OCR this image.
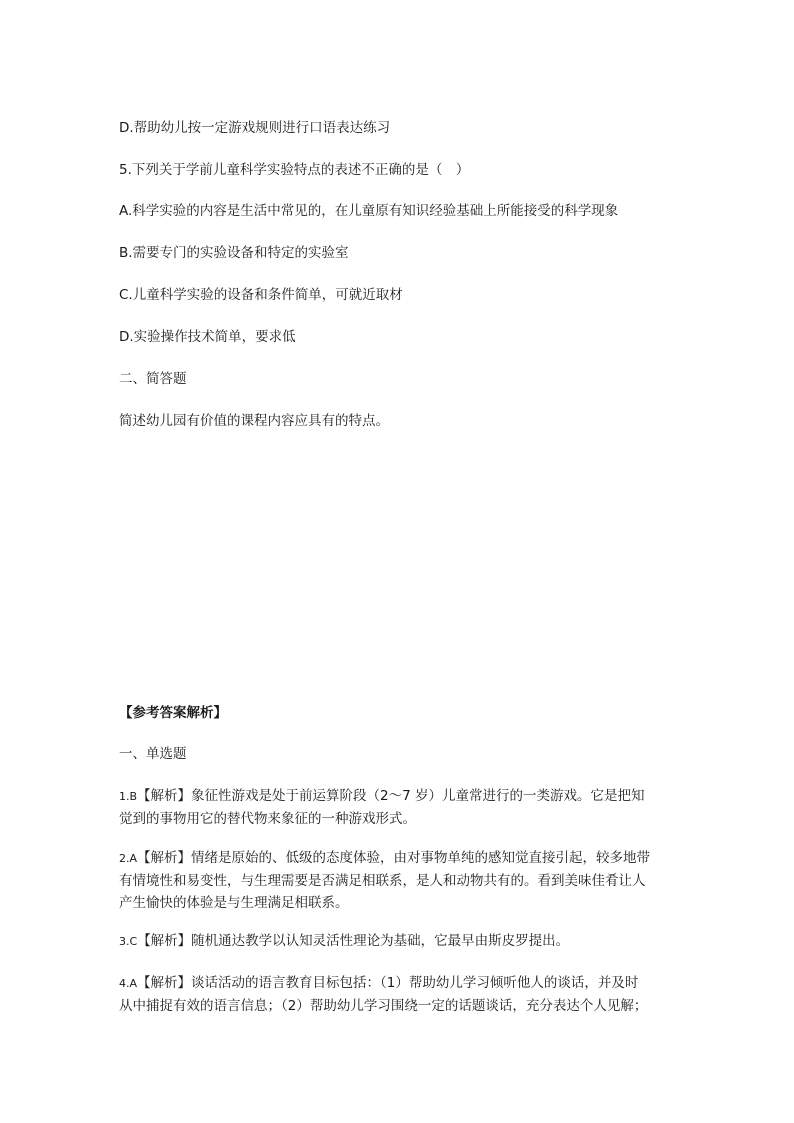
D.帮助幼儿按一定游戏规则进行口语表达练习
5.下列关于学前儿童科学实验特点的表述不正确的是（　）
A.科学实验的内容是生活中常见的，在儿童原有知识经验基础上所能接受的科学现象
B.需要专门的实验设备和特定的实验室
C.儿童科学实验的设备和条件简单，可就近取材
D.实验操作技术简单，要求低
二、简答题
简述幼儿园有价值的课程内容应具有的特点。
【参考答案解析】
一、单选题
1.B【解析】象征性游戏是处于前运算阶段（2～7 岁）儿童常进行的一类游戏。它是把知
觉到的事物用它的替代物来象征的一种游戏形式。
2.A【解析】情绪是原始的、低级的态度体验，由对事物单纯的感知觉直接引起，较多地带
有情境性和易变性，与生理需要是否满足相联系，是人和动物共有的。看到美味佳肴让人
产生愉快的体验是与生理满足相联系。
3.C【解析】随机通达教学以认知灵活性理论为基础，它最早由斯皮罗提出。
4.A【解析】谈话活动的语言教育目标包括：（1）帮助幼儿学习倾听他人的谈话，并及时
从中捕捉有效的语言信息；（2）帮助幼儿学习围绕一定的话题谈话，充分表达个人见解；
